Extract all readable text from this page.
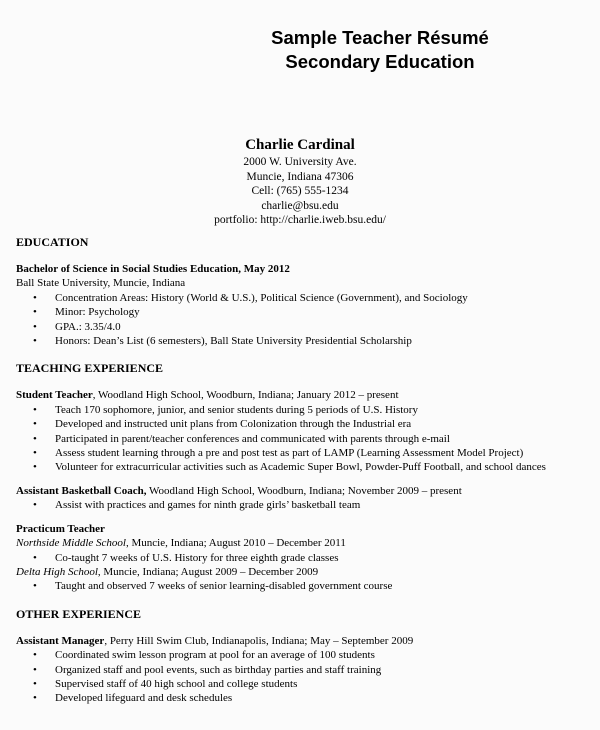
Sample Teacher Résumé
Secondary Education
Charlie Cardinal
2000 W. University Ave.
Muncie, Indiana 47306
Cell: (765) 555-1234
charlie@bsu.edu
portfolio: http://charlie.iweb.bsu.edu/

EDUCATION

Bachelor of Science in Social Studies Education, May 2012

Ball State University, Muncie, Indiana

• Concentration Areas: History (World & U.S.), Political Science (Government), and Sociology
• Minor: Psychology
• GPA.: 3.35/4.0
• Honors: Dean’s List (6 semesters), Ball State University Presidential Scholarship

TEACHING EXPERIENCE

Student Teacher, Woodland High School, Woodburn, Indiana; January 2012 – present

• Teach 170 sophomore, junior, and senior students during 5 periods of U.S. History
• Developed and instructed unit plans from Colonization through the Industrial era
• Participated in parent/teacher conferences and communicated with parents through e-mail
• Assess student learning through a pre and post test as part of LAMP (Learning Assessment Model Project)
• Volunteer for extracurricular activities such as Academic Super Bowl, Powder-Puff Football, and school dances

Assistant Basketball Coach, Woodland High School, Woodburn, Indiana; November 2009 – present

• Assist with practices and games for ninth grade girls’ basketball team

Practicum Teacher

Northside Middle School, Muncie, Indiana; August 2010 – December 2011

• Co-taught 7 weeks of U.S. History for three eighth grade classes

Delta High School, Muncie, Indiana; August 2009 – December 2009

• Taught and observed 7 weeks of senior learning-disabled government course

OTHER EXPERIENCE

Assistant Manager, Perry Hill Swim Club, Indianapolis, Indiana; May – September 2009

• Coordinated swim lesson program at pool for an average of 100 students
• Organized staff and pool events, such as birthday parties and staff training
• Supervised staff of 40 high school and college students
• Developed lifeguard and desk schedules
